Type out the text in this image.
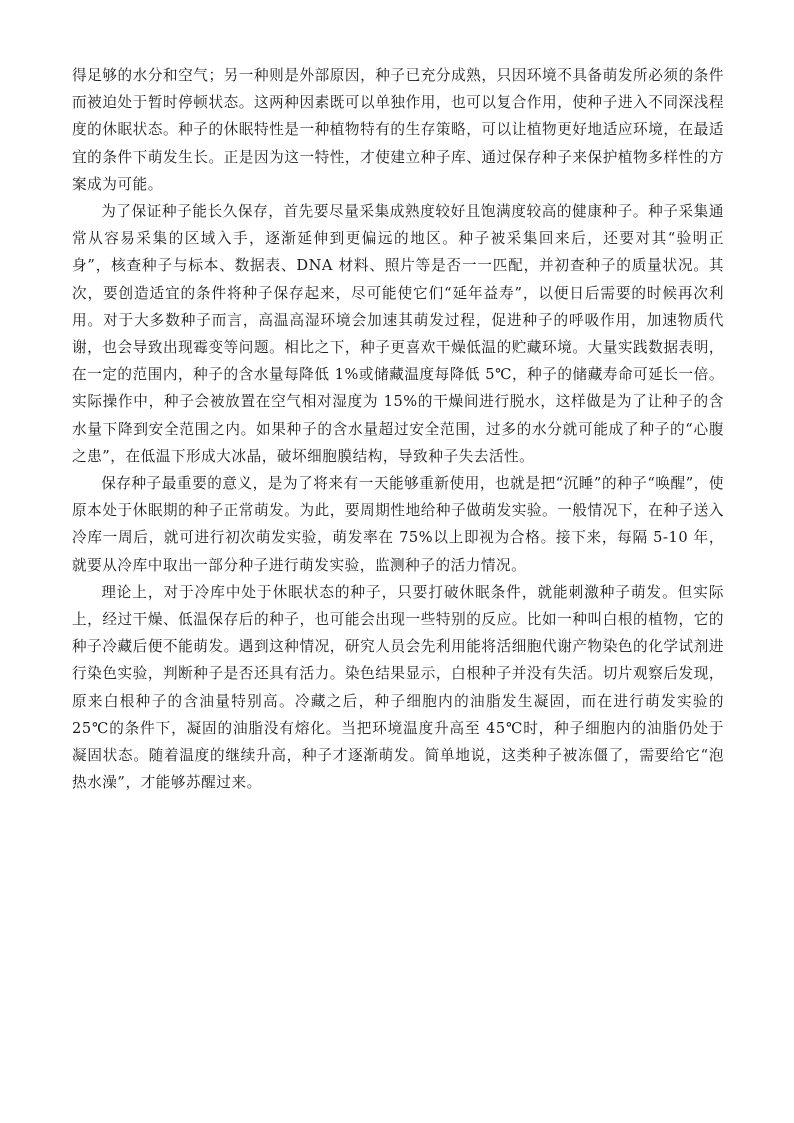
得足够的水分和空气；另一种则是外部原因，种子已充分成熟，只因环境不具备萌发所必须的条件而被迫处于暂时停顿状态。这两种因素既可以单独作用，也可以复合作用，使种子进入不同深浅程度的休眠状态。种子的休眠特性是一种植物特有的生存策略，可以让植物更好地适应环境，在最适宜的条件下萌发生长。正是因为这一特性，才使建立种子库、通过保存种子来保护植物多样性的方案成为可能。

为了保证种子能长久保存，首先要尽量采集成熟度较好且饱满度较高的健康种子。种子采集通常从容易采集的区域入手，逐渐延伸到更偏远的地区。种子被采集回来后，还要对其“验明正身”，核查种子与标本、数据表、DNA 材料、照片等是否一一匹配，并初查种子的质量状况。其次，要创造适宜的条件将种子保存起来，尽可能使它们“延年益寿”，以便日后需要的时候再次利用。对于大多数种子而言，高温高湿环境会加速其萌发过程，促进种子的呼吸作用，加速物质代谢，也会导致出现霉变等问题。相比之下，种子更喜欢干燥低温的贮藏环境。大量实践数据表明，在一定的范围内，种子的含水量每降低 1%或储藏温度每降低 5℃，种子的储藏寿命可延长一倍。实际操作中，种子会被放置在空气相对湿度为 15%的干燥间进行脱水，这样做是为了让种子的含水量下降到安全范围之内。如果种子的含水量超过安全范围，过多的水分就可能成了种子的“心腹之患”，在低温下形成大冰晶，破坏细胞膜结构，导致种子失去活性。

保存种子最重要的意义，是为了将来有一天能够重新使用，也就是把“沉睡”的种子“唤醒”，使原本处于休眠期的种子正常萌发。为此，要周期性地给种子做萌发实验。一般情况下，在种子送入冷库一周后，就可进行初次萌发实验，萌发率在 75%以上即视为合格。接下来，每隔 5-10 年，就要从冷库中取出一部分种子进行萌发实验，监测种子的活力情况。

理论上，对于冷库中处于休眠状态的种子，只要打破休眠条件，就能刺激种子萌发。但实际上，经过干燥、低温保存后的种子，也可能会出现一些特别的反应。比如一种叫白根的植物，它的种子冷藏后便不能萌发。遇到这种情况，研究人员会先利用能将活细胞代谢产物染色的化学试剂进行染色实验，判断种子是否还具有活力。染色结果显示，白根种子并没有失活。切片观察后发现，原来白根种子的含油量特别高。冷藏之后，种子细胞内的油脂发生凝固，而在进行萌发实验的 25℃的条件下，凝固的油脂没有熔化。当把环境温度升高至 45℃时，种子细胞内的油脂仍处于凝固状态。随着温度的继续升高，种子才逐渐萌发。简单地说，这类种子被冻僵了，需要给它“泡热水澡”，才能够苏醒过来。
